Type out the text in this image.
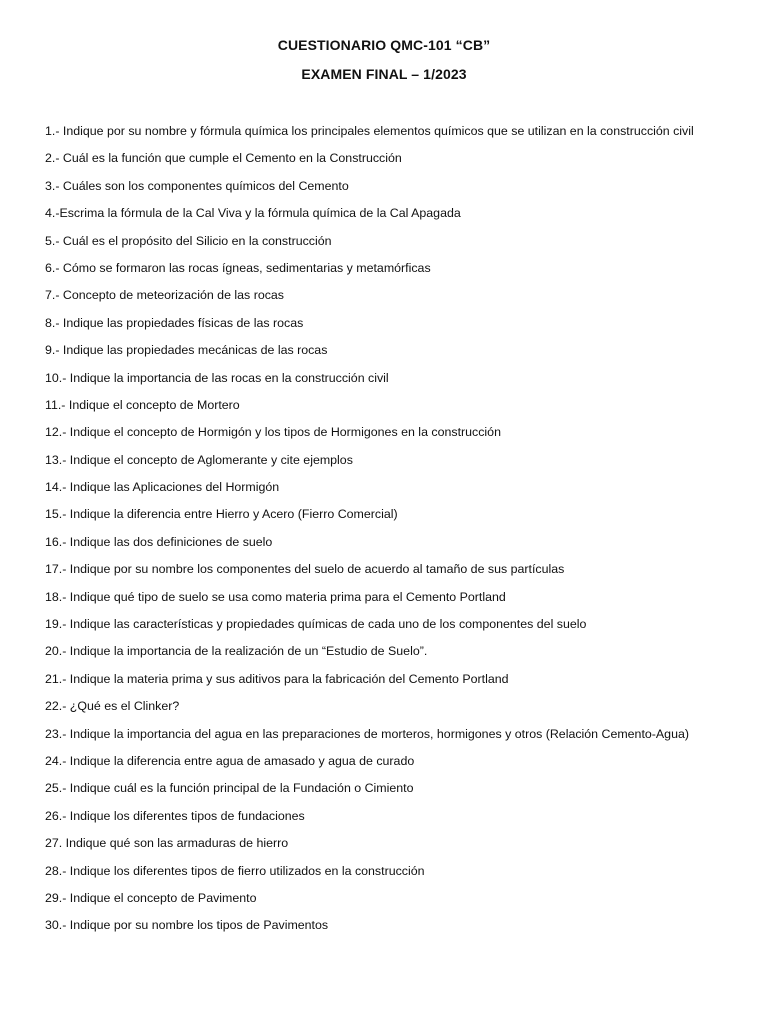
CUESTIONARIO QMC-101 “CB”
EXAMEN FINAL – 1/2023
1.- Indique por su nombre y fórmula química los principales elementos químicos que se utilizan en la construcción civil
2.- Cuál es la función que cumple el Cemento en la Construcción
3.- Cuáles son los componentes químicos del Cemento
4.-Escrima la fórmula de la Cal Viva y la fórmula química de la Cal Apagada
5.- Cuál es el propósito del Silicio en la construcción
6.- Cómo se formaron las rocas ígneas, sedimentarias y metamórficas
7.- Concepto de meteorización de las rocas
8.- Indique las propiedades físicas de las rocas
9.- Indique las propiedades mecánicas de las rocas
10.- Indique la importancia de las rocas en la construcción civil
11.- Indique el concepto de Mortero
12.- Indique el concepto de Hormigón y los tipos de Hormigones en la construcción
13.- Indique el concepto de Aglomerante y cite ejemplos
14.- Indique las Aplicaciones del Hormigón
15.- Indique la diferencia entre Hierro y Acero (Fierro Comercial)
16.- Indique las dos definiciones de suelo
17.- Indique por su nombre los componentes del suelo de acuerdo al tamaño de sus partículas
18.- Indique qué tipo de suelo se usa como materia prima para el Cemento Portland
19.- Indique las características y propiedades químicas de cada uno de los componentes del suelo
20.- Indique la importancia de la realización de un “Estudio de Suelo”.
21.- Indique la materia prima y sus aditivos para la fabricación del Cemento Portland
22.- ¿Qué es el Clinker?
23.- Indique la importancia del agua en las preparaciones de morteros, hormigones y otros (Relación Cemento-Agua)
24.- Indique la diferencia entre agua de amasado y agua de curado
25.- Indique cuál es la función principal de la Fundación o Cimiento
26.- Indique los diferentes tipos de fundaciones
27. Indique qué son las armaduras de hierro
28.- Indique los diferentes tipos de fierro utilizados en la construcción
29.- Indique el concepto de Pavimento
30.- Indique por su nombre los tipos de Pavimentos
